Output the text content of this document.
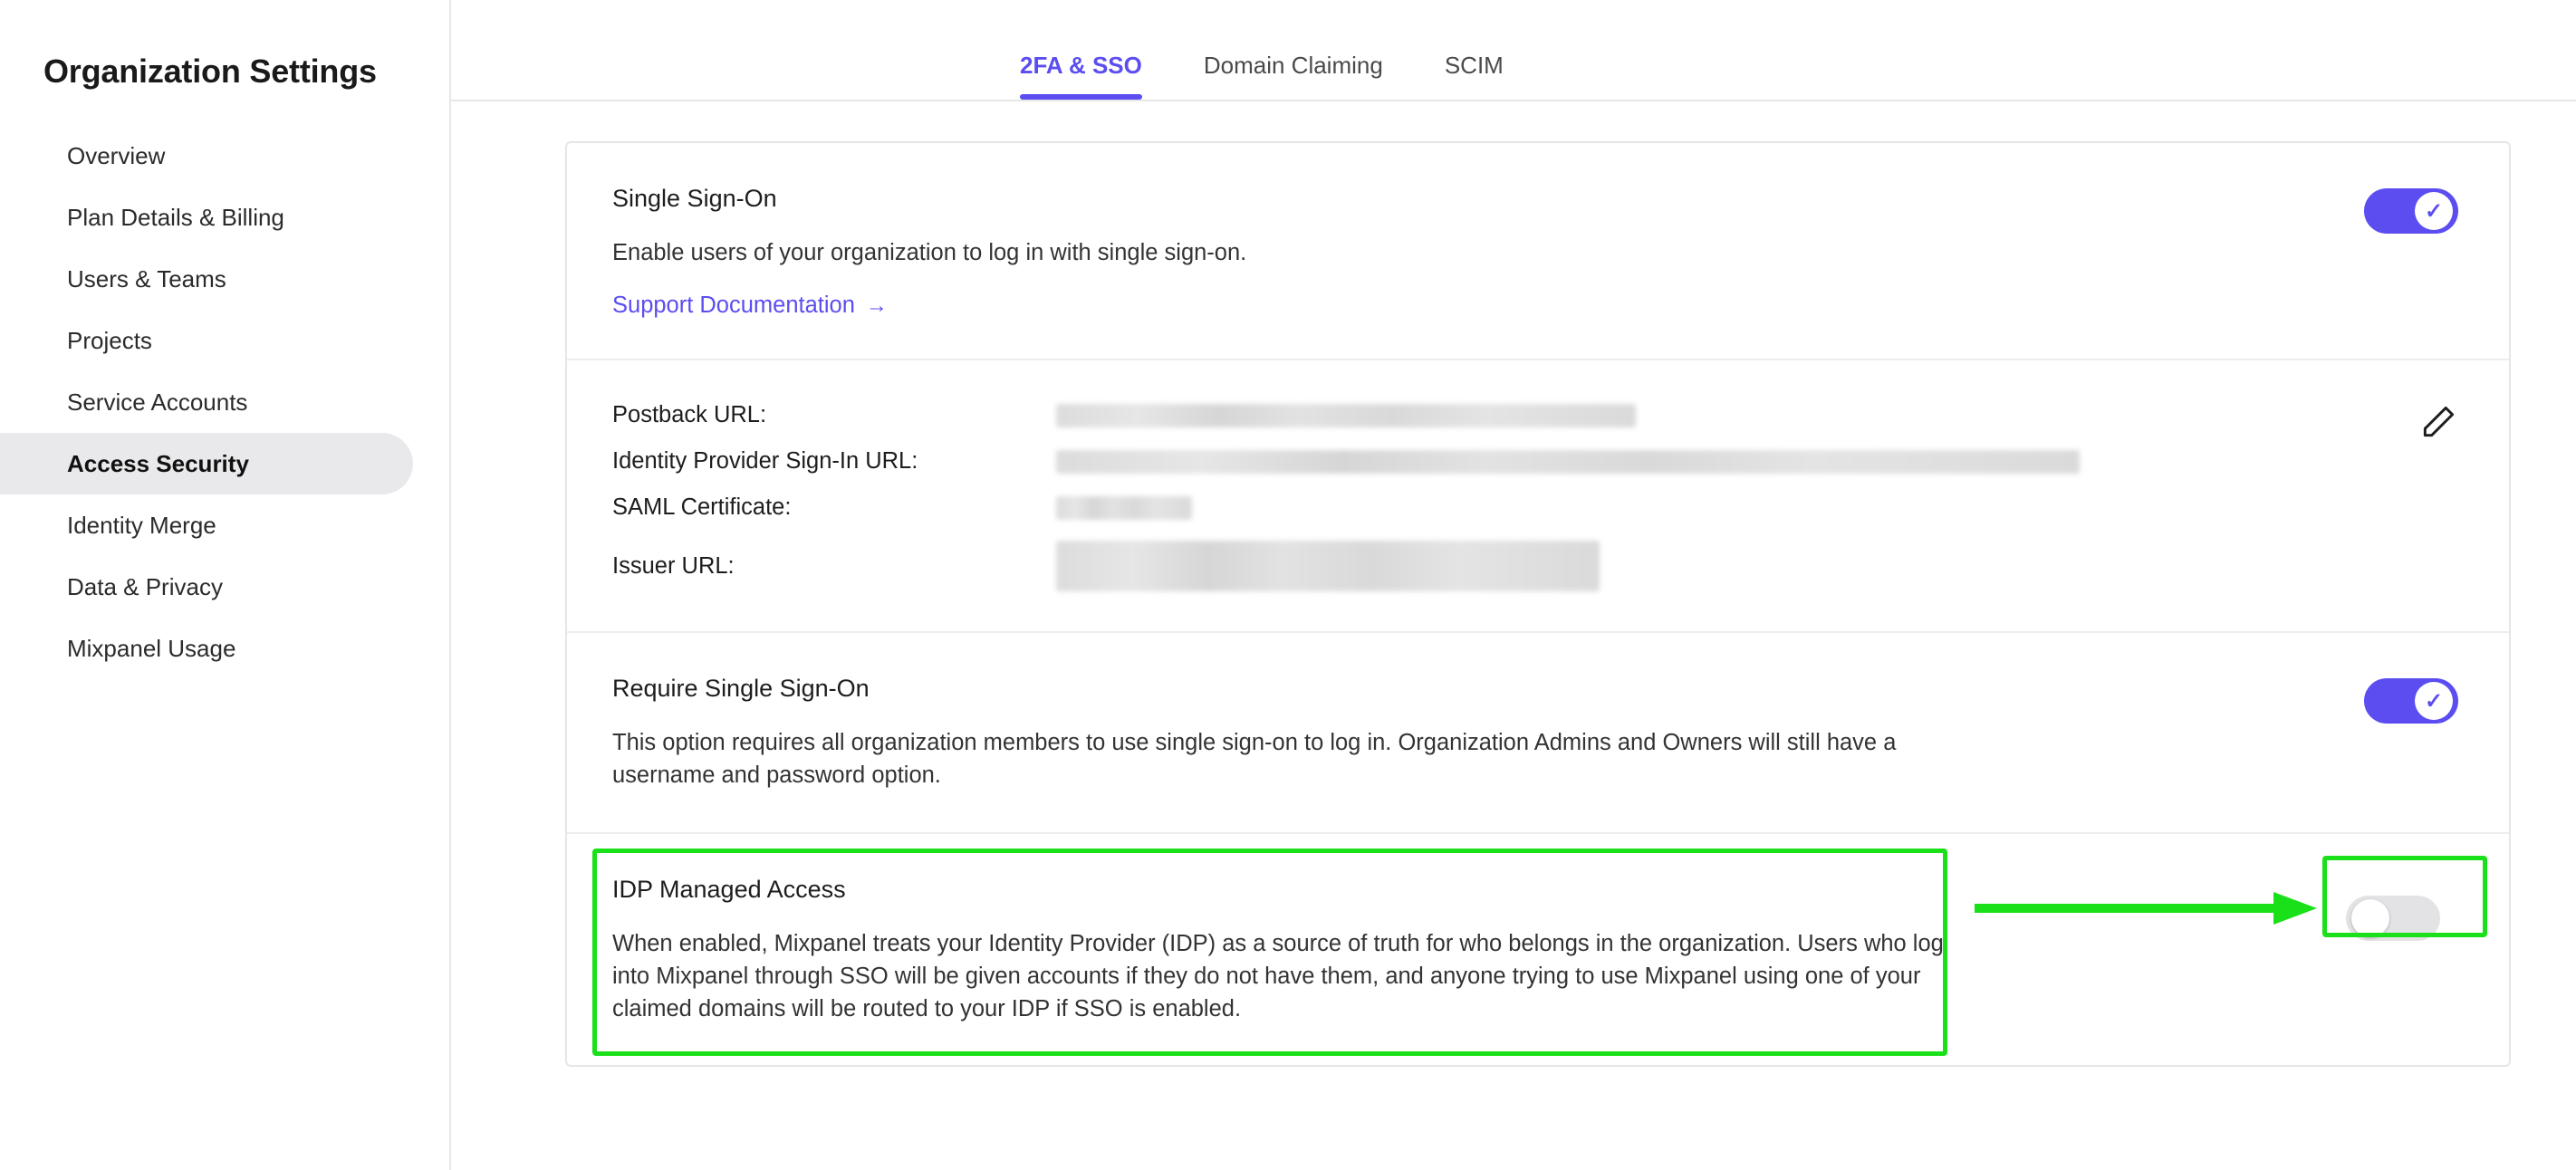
Organization Settings
Overview
Plan Details & Billing
Users & Teams
Projects
Service Accounts
Access Security
Identity Merge
Data & Privacy
Mixpanel Usage
2FA & SSO	Domain Claiming	SCIM
Single Sign-On
Enable users of your organization to log in with single sign-on.
Support Documentation →
✓
Postback URL:
Identity Provider Sign-In URL:
SAML Certificate:
Issuer URL:
Require Single Sign-On
This option requires all organization members to use single sign-on to log in. Organization Admins and Owners will still have a username and password option.
✓
IDP Managed Access
When enabled, Mixpanel treats your Identity Provider (IDP) as a source of truth for who belongs in the organization. Users who log into Mixpanel through SSO will be given accounts if they do not have them, and anyone trying to use Mixpanel using one of your claimed domains will be routed to your IDP if SSO is enabled.
